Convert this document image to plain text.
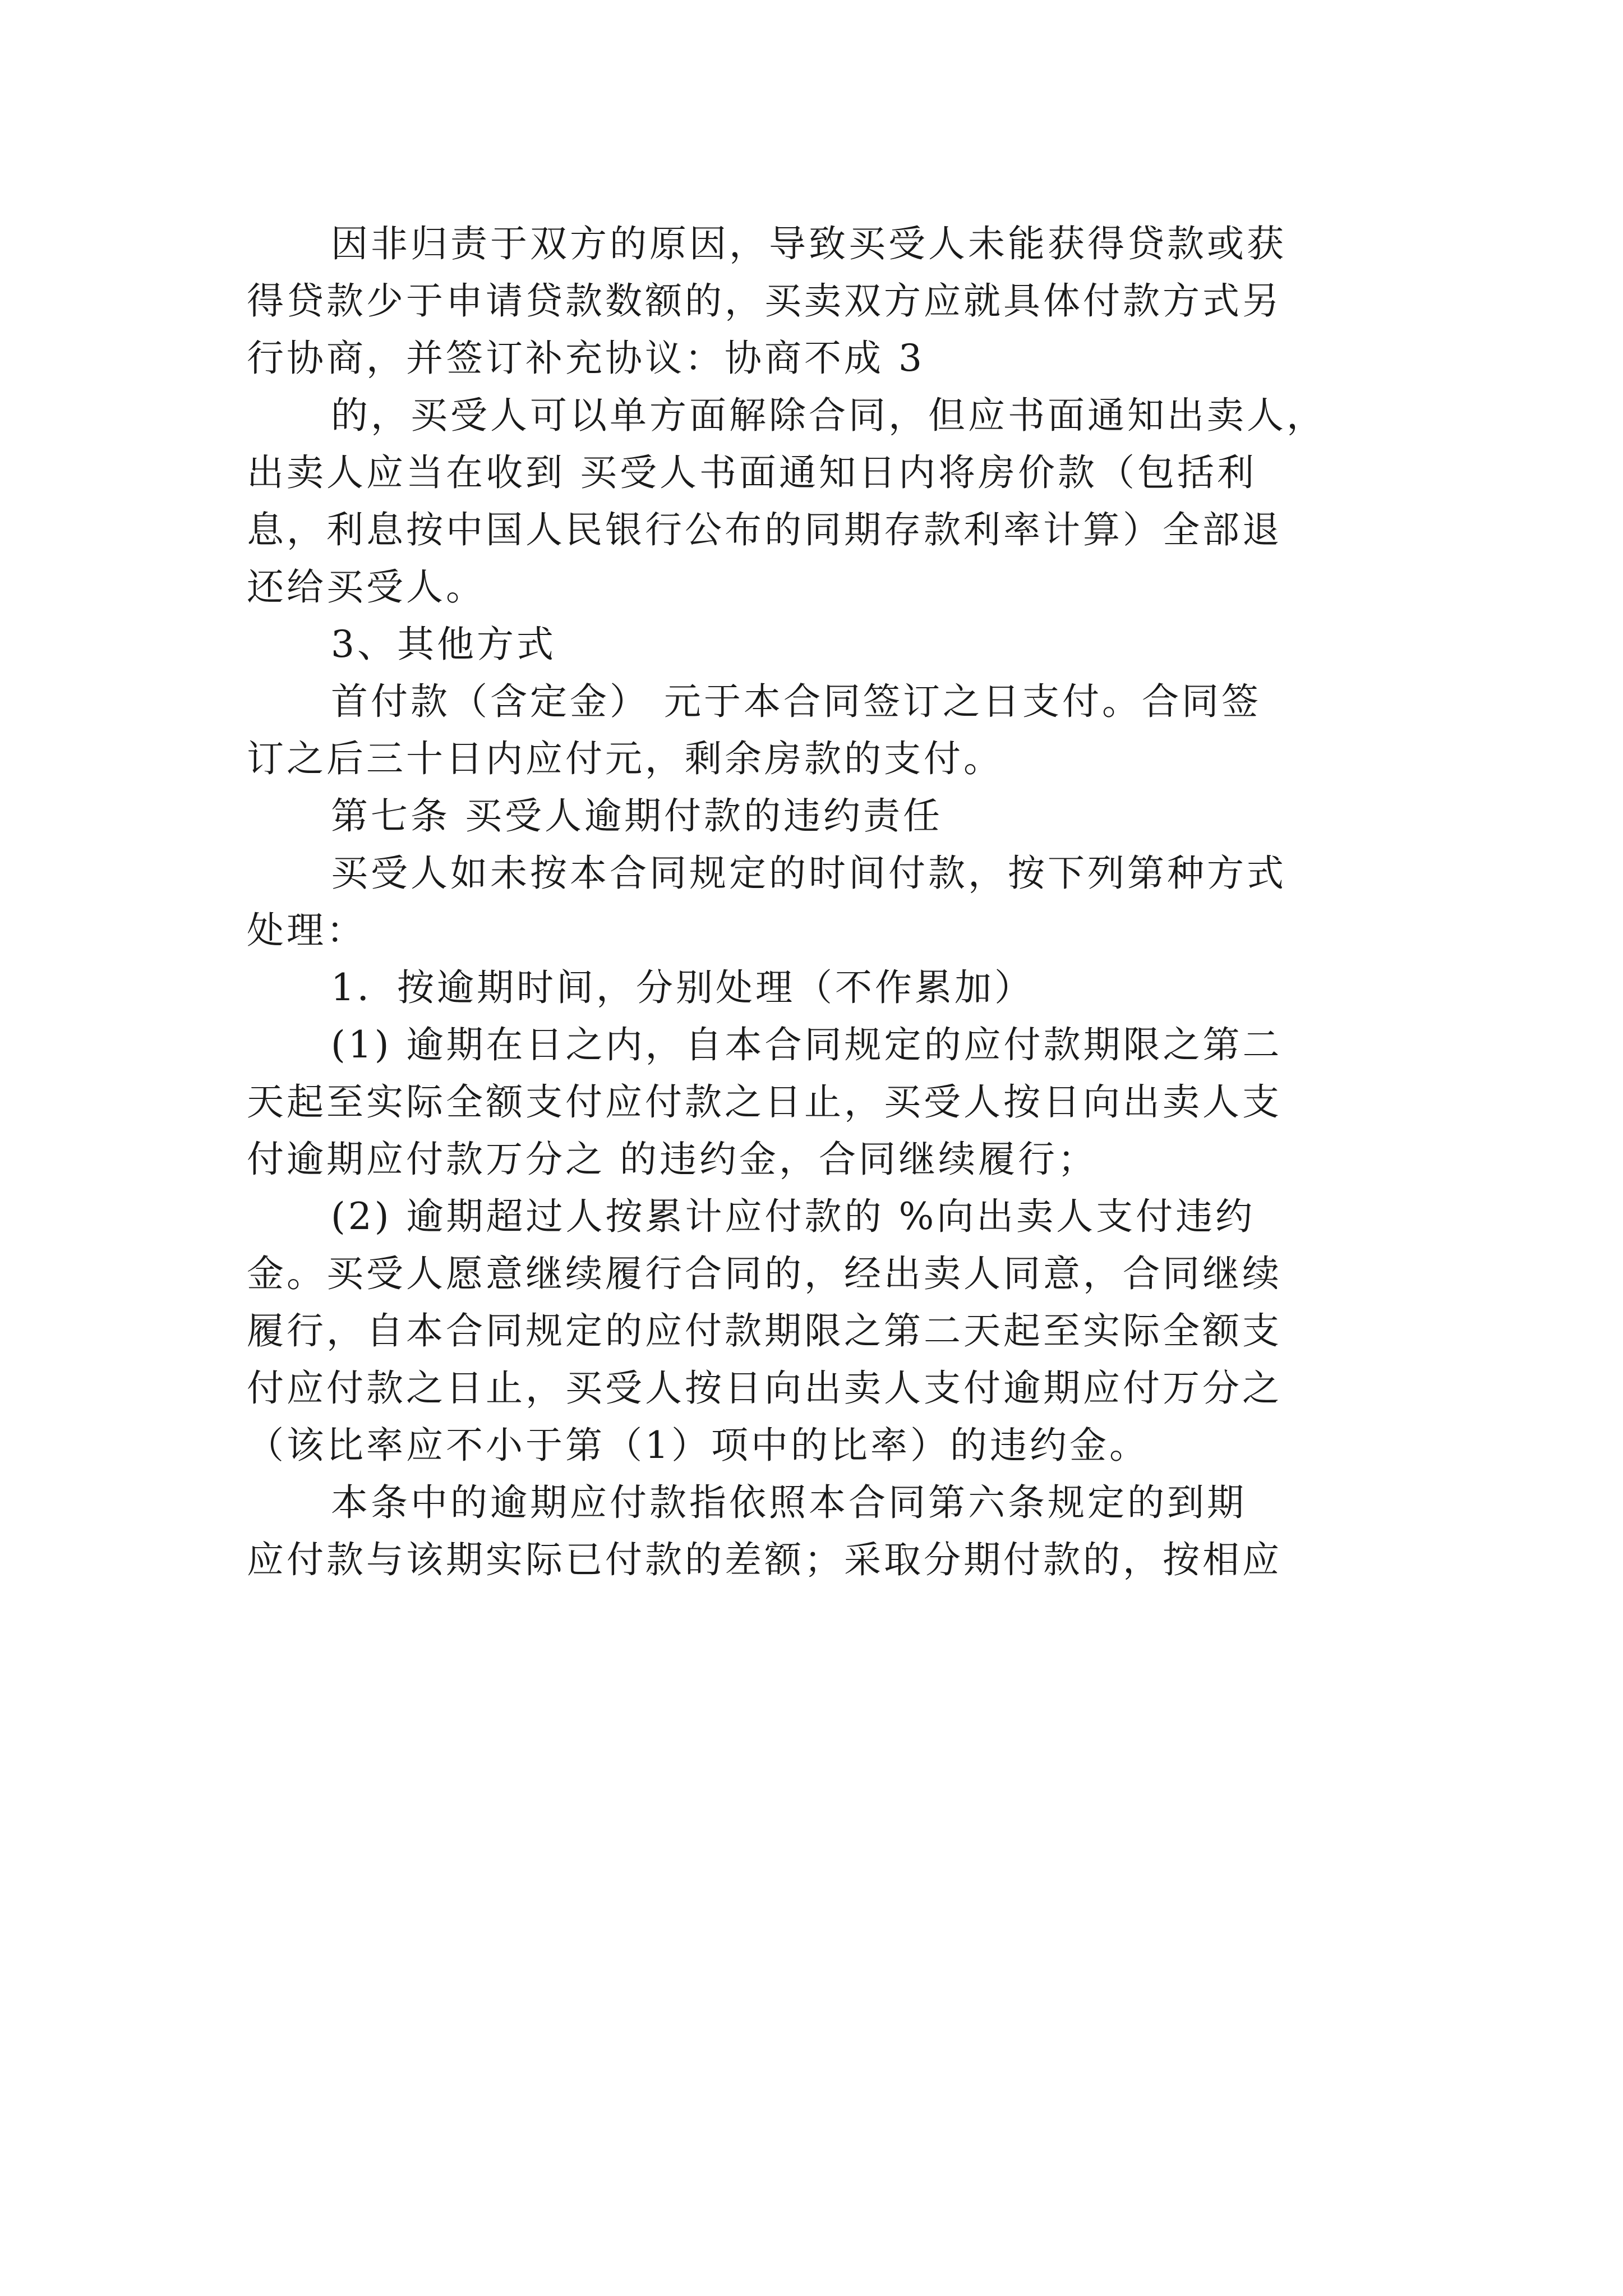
因非归责于双方的原因，导致买受人未能获得贷款或获
得贷款少于申请贷款数额的，买卖双方应就具体付款方式另
行协商，并签订补充协议：协商不成 3
的，买受人可以单方面解除合同，但应书面通知出卖人，
出卖人应当在收到 买受人书面通知日内将房价款（包括利
息，利息按中国人民银行公布的同期存款利率计算）全部退
还给买受人。
3、其他方式
首付款（含定金） 元于本合同签订之日支付。合同签
订之后三十日内应付元，剩余房款的支付。
第七条 买受人逾期付款的违约责任
买受人如未按本合同规定的时间付款，按下列第种方式
处理：
1．按逾期时间，分别处理（不作累加）
(1) 逾期在日之内，自本合同规定的应付款期限之第二
天起至实际全额支付应付款之日止，买受人按日向出卖人支
付逾期应付款万分之 的违约金，合同继续履行；
(2) 逾期超过人按累计应付款的 %向出卖人支付违约
金。买受人愿意继续履行合同的，经出卖人同意，合同继续
履行，自本合同规定的应付款期限之第二天起至实际全额支
付应付款之日止，买受人按日向出卖人支付逾期应付万分之
（该比率应不小于第（1）项中的比率）的违约金。
本条中的逾期应付款指依照本合同第六条规定的到期
应付款与该期实际已付款的差额；采取分期付款的，按相应
